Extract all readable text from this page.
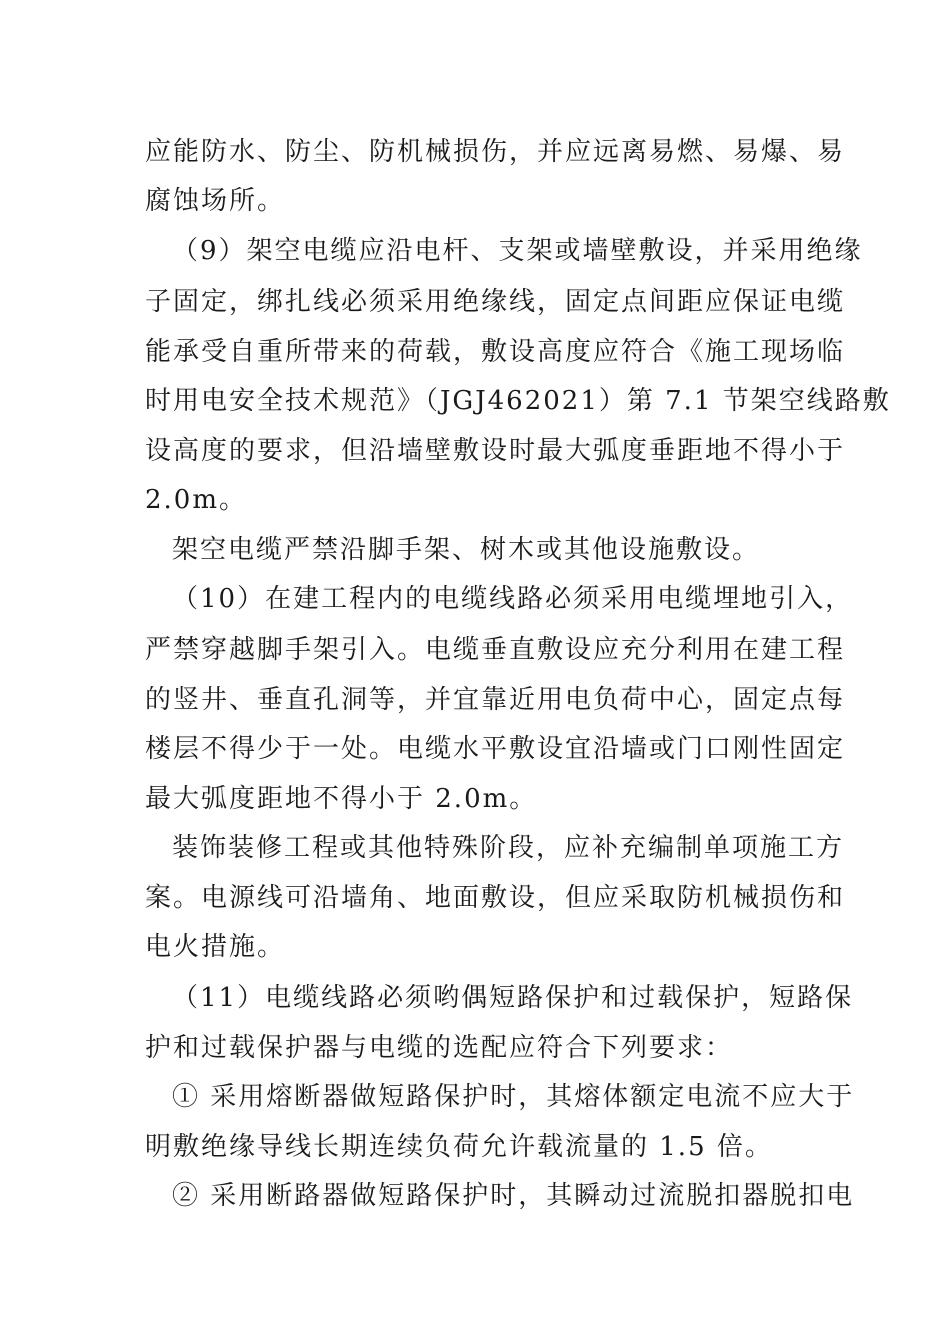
应能防水、防尘、防机械损伤，并应远离易燃、易爆、易

腐蚀场所。

（9）架空电缆应沿电杆、支架或墙壁敷设，并采用绝缘

子固定，绑扎线必须采用绝缘线，固定点间距应保证电缆

能承受自重所带来的荷载，敷设高度应符合《施工现场临

时用电安全技术规范》（JGJ462021）第 7.1 节架空线路敷

设高度的要求，但沿墙壁敷设时最大弧度垂距地不得小于

2.0m。

架空电缆严禁沿脚手架、树木或其他设施敷设。

（10）在建工程内的电缆线路必须采用电缆埋地引入，

严禁穿越脚手架引入。电缆垂直敷设应充分利用在建工程

的竖井、垂直孔洞等，并宜靠近用电负荷中心，固定点每

楼层不得少于一处。电缆水平敷设宜沿墙或门口刚性固定

最大弧度距地不得小于 2.0m。

装饰装修工程或其他特殊阶段，应补充编制单项施工方

案。电源线可沿墙角、地面敷设，但应采取防机械损伤和

电火措施。

（11）电缆线路必须哟偶短路保护和过载保护，短路保

护和过载保护器与电缆的选配应符合下列要求：

① 采用熔断器做短路保护时，其熔体额定电流不应大于

明敷绝缘导线长期连续负荷允许载流量的 1.5 倍。

② 采用断路器做短路保护时，其瞬动过流脱扣器脱扣电
